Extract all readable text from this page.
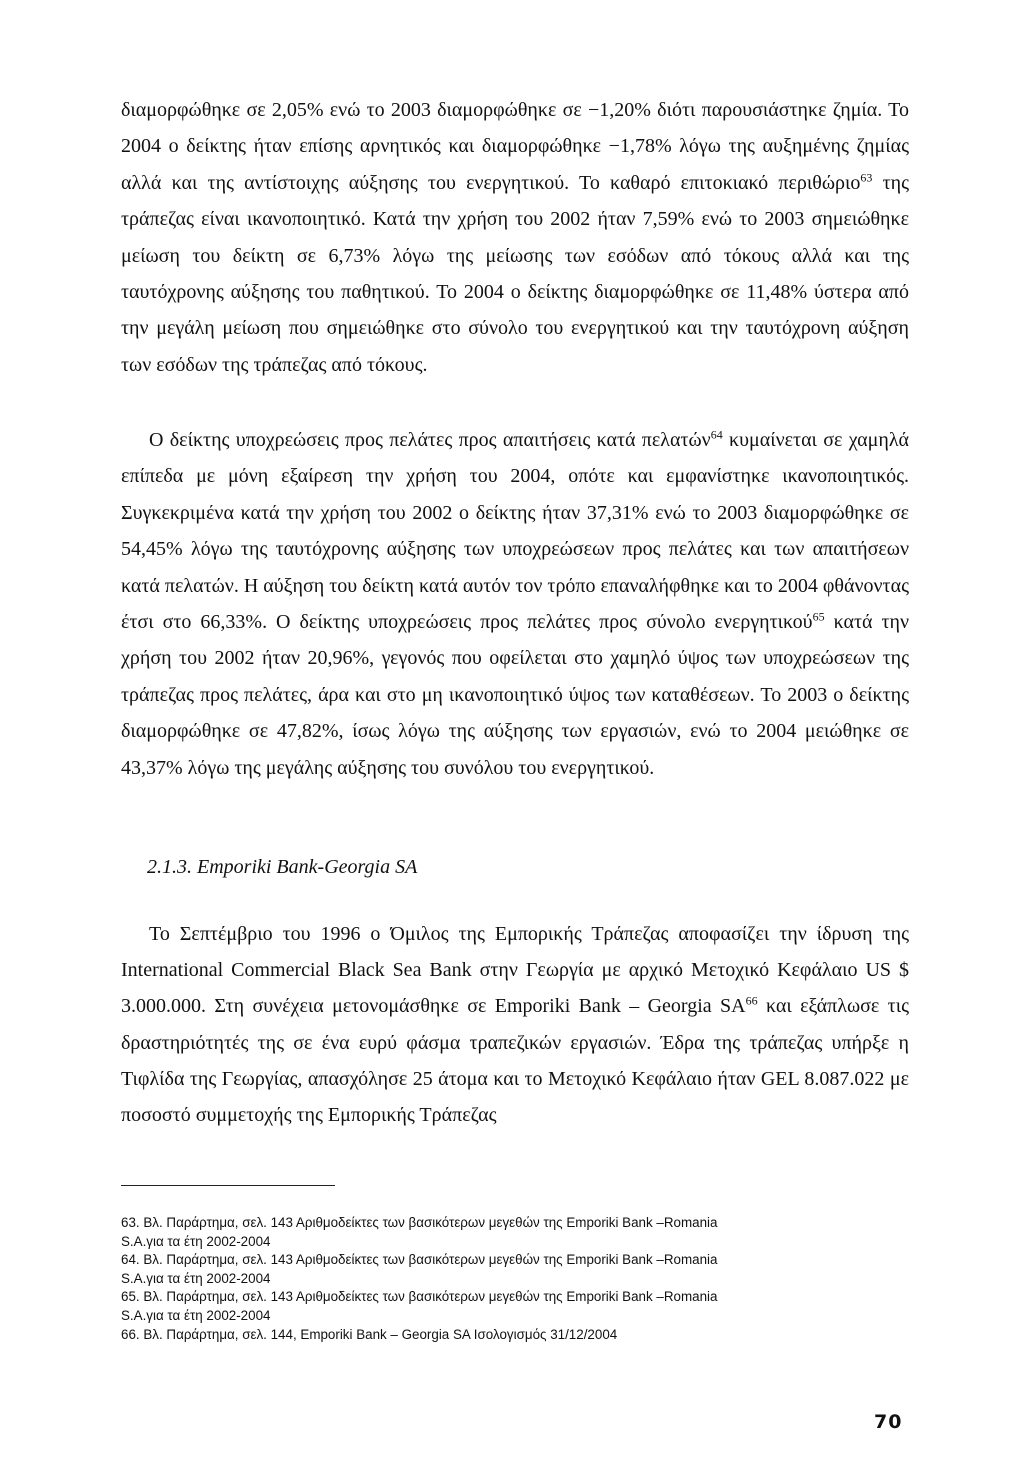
διαμορφώθηκε σε 2,05% ενώ το 2003 διαμορφώθηκε σε −1,20% διότι παρουσιάστηκε ζημία. Το 2004 ο δείκτης ήταν επίσης αρνητικός και διαμορφώθηκε −1,78% λόγω της αυξημένης ζημίας αλλά και της αντίστοιχης αύξησης του ενεργητικού. Το καθαρό επιτοκιακό περιθώριο$^{63}$ της τράπεζας είναι ικανοποιητικό. Κατά την χρήση του 2002 ήταν 7,59% ενώ το 2003 σημειώθηκε μείωση του δείκτη σε 6,73% λόγω της μείωσης των εσόδων από τόκους αλλά και της ταυτόχρονης αύξησης του παθητικού. Το 2004 ο δείκτης διαμορφώθηκε σε 11,48% ύστερα από την μεγάλη μείωση που σημειώθηκε στο σύνολο του ενεργητικού και την ταυτόχρονη αύξηση των εσόδων της τράπεζας από τόκους.

Ο δείκτης υποχρεώσεις προς πελάτες προς απαιτήσεις κατά πελατών$^{64}$ κυμαίνεται σε χαμηλά επίπεδα με μόνη εξαίρεση την χρήση του 2004, οπότε και εμφανίστηκε ικανοποιητικός. Συγκεκριμένα κατά την χρήση του 2002 ο δείκτης ήταν 37,31% ενώ το 2003 διαμορφώθηκε σε 54,45% λόγω της ταυτόχρονης αύξησης των υποχρεώσεων προς πελάτες και των απαιτήσεων κατά πελατών. Η αύξηση του δείκτη κατά αυτόν τον τρόπο επαναλήφθηκε και το 2004 φθάνοντας έτσι στο 66,33%. Ο δείκτης υποχρεώσεις προς πελάτες προς σύνολο ενεργητικού$^{65}$ κατά την χρήση του 2002 ήταν 20,96%, γεγονός που οφείλεται στο χαμηλό ύψος των υποχρεώσεων της τράπεζας προς πελάτες, άρα και στο μη ικανοποιητικό ύψος των καταθέσεων. Το 2003 ο δείκτης διαμορφώθηκε σε 47,82%, ίσως λόγω της αύξησης των εργασιών, ενώ το 2004 μειώθηκε σε 43,37% λόγω της μεγάλης αύξησης του συνόλου του ενεργητικού.

2.1.3. Emporiki Bank-Georgia SA

Το Σεπτέμβριο του 1996 ο Όμιλος της Εμπορικής Τράπεζας αποφασίζει την ίδρυση της International Commercial Black Sea Bank στην Γεωργία με αρχικό Μετοχικό Κεφάλαιο US $ 3.000.000. Στη συνέχεια μετονομάσθηκε σε Emporiki Bank – Georgia SA$^{66}$ και εξάπλωσε τις δραστηριότητές της σε ένα ευρύ φάσμα τραπεζικών εργασιών. Έδρα της τράπεζας υπήρξε η Τιφλίδα της Γεωργίας, απασχόλησε 25 άτομα και το Μετοχικό Κεφάλαιο ήταν GEL 8.087.022 με ποσοστό συμμετοχής της Εμπορικής Τράπεζας

63. Βλ. Παράρτημα, σελ. 143 Αριθμοδείκτες των βασικότερων μεγεθών της Emporiki Bank –Romania
S.A.για τα έτη 2002-2004
64. Βλ. Παράρτημα, σελ. 143 Αριθμοδείκτες των βασικότερων μεγεθών της Emporiki Bank –Romania
S.A.για τα έτη 2002-2004
65. Βλ. Παράρτημα, σελ. 143 Αριθμοδείκτες των βασικότερων μεγεθών της Emporiki Bank –Romania
S.A.για τα έτη 2002-2004
66. Βλ. Παράρτημα, σελ. 144, Emporiki Bank – Georgia SA Ισολογισμός 31/12/2004
70
